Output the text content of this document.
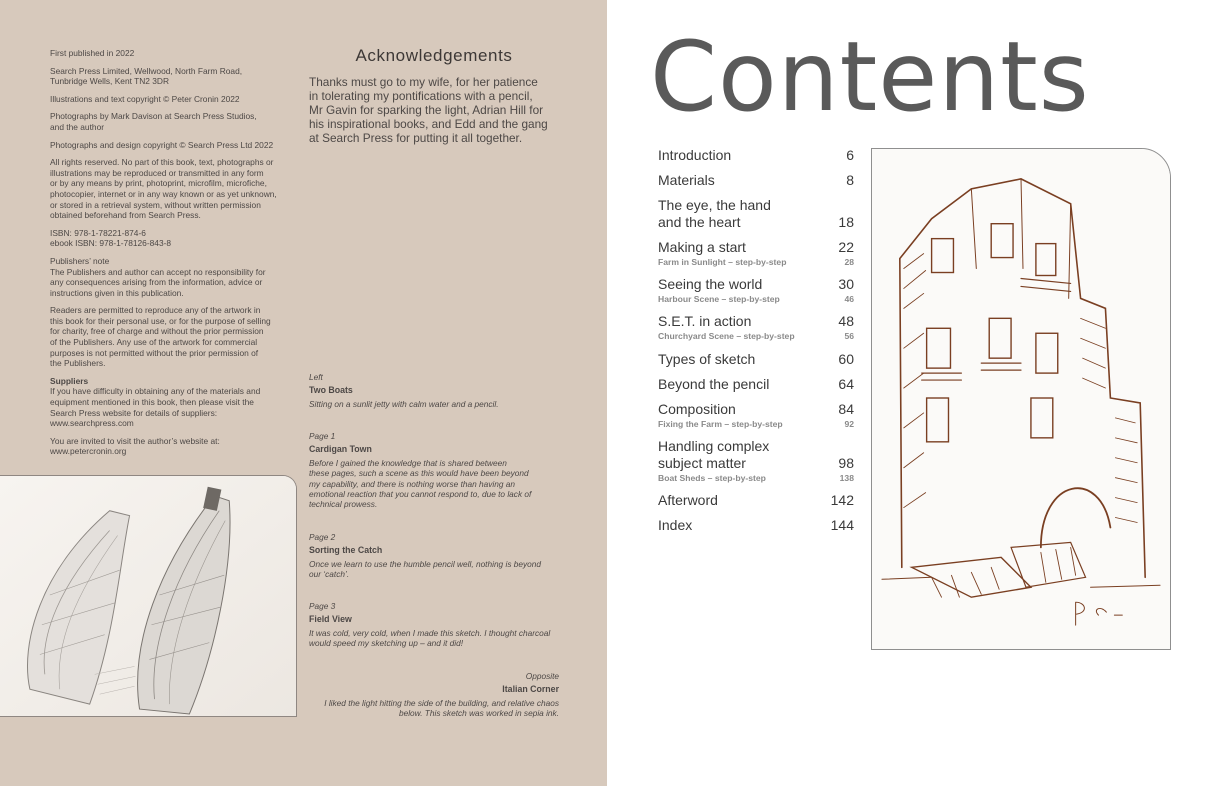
First published in 2022

Search Press Limited, Wellwood, North Farm Road,
Tunbridge Wells, Kent TN2 3DR

Illustrations and text copyright © Peter Cronin 2022

Photographs by Mark Davison at Search Press Studios,
and the author

Photographs and design copyright © Search Press Ltd 2022

All rights reserved. No part of this book, text, photographs or
illustrations may be reproduced or transmitted in any form
or by any means by print, photoprint, microfilm, microfiche,
photocopier, internet or in any way known or as yet unknown,
or stored in a retrieval system, without written permission
obtained beforehand from Search Press.

ISBN: 978-1-78221-874-6
ebook ISBN: 978-1-78126-843-8

Publishers’ note
The Publishers and author can accept no responsibility for
any consequences arising from the information, advice or
instructions given in this publication.

Readers are permitted to reproduce any of the artwork in
this book for their personal use, or for the purpose of selling
for charity, free of charge and without the prior permission
of the Publishers. Any use of the artwork for commercial
purposes is not permitted without the prior permission of
the Publishers.

Suppliers
If you have difficulty in obtaining any of the materials and
equipment mentioned in this book, then please visit the
Search Press website for details of suppliers:
www.searchpress.com

You are invited to visit the author’s website at:
www.petercronin.org

Acknowledgements
Thanks must go to my wife, for her patience
in tolerating my pontifications with a pencil,
Mr Gavin for sparking the light, Adrian Hill for
his inspirational books, and Edd and the gang
at Search Press for putting it all together.
Left
Two Boats
Sitting on a sunlit jetty with calm water and a pencil.
Page 1
Cardigan Town
Before I gained the knowledge that is shared between
these pages, such a scene as this would have been beyond
my capability, and there is nothing worse than having an
emotional reaction that you cannot respond to, due to lack of
technical prowess.
Page 2
Sorting the Catch
Once we learn to use the humble pencil well, nothing is beyond
our ‘catch’.
Page 3
Field View
It was cold, very cold, when I made this sketch. I thought charcoal
would speed my sketching up – and it did!
Opposite
Italian Corner
I liked the light hitting the side of the building, and relative chaos
below. This sketch was worked in sepia ink.
Contents
Introduction	6
Materials	8
The eye, the hand
and the heart	18
Making a start	22
Farm in Sunlight – step-by-step	28
Seeing the world	30
Harbour Scene – step-by-step	46
S.E.T. in action	48
Churchyard Scene – step-by-step	56
Types of sketch	60
Beyond the pencil	64
Composition	84
Fixing the Farm – step-by-step	92
Handling complex
subject matter	98
Boat Sheds – step-by-step	138
Afterword	142
Index	144
